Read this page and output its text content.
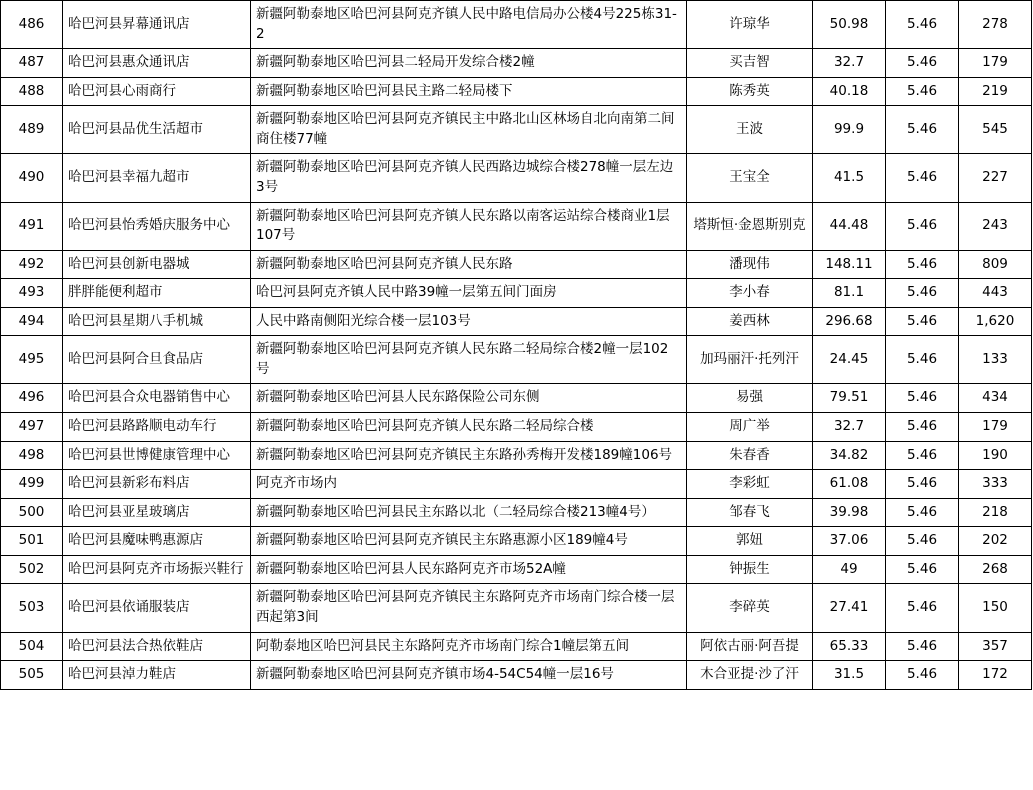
486	哈巴河县昇幕通讯店	新疆阿勒泰地区哈巴河县阿克齐镇人民中路电信局办公楼4号225栋31-2	许琼华	50.98	5.46	278
487	哈巴河县惠众通讯店	新疆阿勒泰地区哈巴河县二轻局开发综合楼2幢	买吉智	32.7	5.46	179
488	哈巴河县心雨商行	新疆阿勒泰地区哈巴河县民主路二轻局楼下	陈秀英	40.18	5.46	219
489	哈巴河县品优生活超市	新疆阿勒泰地区哈巴河县阿克齐镇民主中路北山区林场自北向南第二间商住楼77幢	王波	99.9	5.46	545
490	哈巴河县幸福九超市	新疆阿勒泰地区哈巴河县阿克齐镇人民西路边城综合楼278幢一层左边3号	王宝全	41.5	5.46	227
491	哈巴河县怡秀婚庆服务中心	新疆阿勒泰地区哈巴河县阿克齐镇人民东路以南客运站综合楼商业1层107号	塔斯恒·金恩斯别克	44.48	5.46	243
492	哈巴河县创新电器城	新疆阿勒泰地区哈巴河县阿克齐镇人民东路	潘现伟	148.11	5.46	809
493	胖胖能便利超市	哈巴河县阿克齐镇人民中路39幢一层第五间门面房	李小春	81.1	5.46	443
494	哈巴河县星期八手机城	人民中路南侧阳光综合楼一层103号	姜西林	296.68	5.46	1,620
495	哈巴河县阿合旦食品店	新疆阿勒泰地区哈巴河县阿克齐镇人民东路二轻局综合楼2幢一层102号	加玛丽汗·托列汗	24.45	5.46	133
496	哈巴河县合众电器销售中心	新疆阿勒泰地区哈巴河县人民东路保险公司东侧	易强	79.51	5.46	434
497	哈巴河县路路顺电动车行	新疆阿勒泰地区哈巴河县阿克齐镇人民东路二轻局综合楼	周广举	32.7	5.46	179
498	哈巴河县世博健康管理中心	新疆阿勒泰地区哈巴河县阿克齐镇民主东路孙秀梅开发楼189幢106号	朱春香	34.82	5.46	190
499	哈巴河县新彩布料店	阿克齐市场内	李彩虹	61.08	5.46	333
500	哈巴河县亚星玻璃店	新疆阿勒泰地区哈巴河县民主东路以北（二轻局综合楼213幢4号）	邹春飞	39.98	5.46	218
501	哈巴河县魔味鸭惠源店	新疆阿勒泰地区哈巴河县阿克齐镇民主东路惠源小区189幢4号	郭妞	37.06	5.46	202
502	哈巴河县阿克齐市场振兴鞋行	新疆阿勒泰地区哈巴河县人民东路阿克齐市场52A幢	钟振生	49	5.46	268
503	哈巴河县依诵服装店	新疆阿勒泰地区哈巴河县阿克齐镇民主东路阿克齐市场南门综合楼一层西起第3间	李碎英	27.41	5.46	150
504	哈巴河县法合热依鞋店	阿勒泰地区哈巴河县民主东路阿克齐市场南门综合1幢层第五间	阿依古丽·阿吾提	65.33	5.46	357
505	哈巴河县淖力鞋店	新疆阿勒泰地区哈巴河县阿克齐镇市场4-54C54幢一层16号	木合亚提·沙了汗	31.5	5.46	172
